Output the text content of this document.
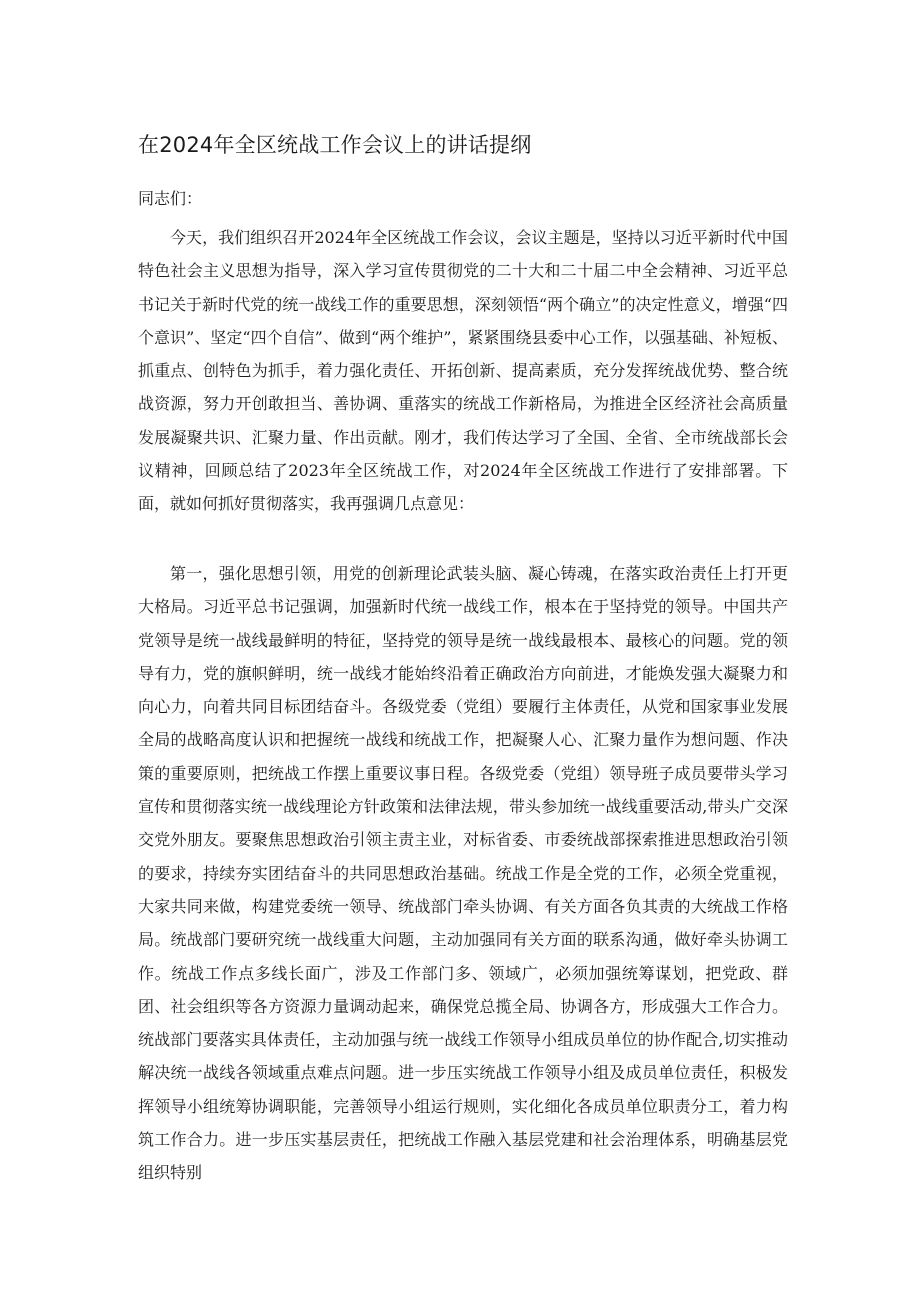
在2024年全区统战工作会议上的讲话提纲
同志们：

今天，我们组织召开2024年全区统战工作会议，会议主题是，坚持以习近平新时代中国特色社会主义思想为指导，深入学习宣传贯彻党的二十大和二十届二中全会精神、习近平总书记关于新时代党的统一战线工作的重要思想，深刻领悟“两个确立”的决定性意义，增强“四个意识”、坚定“四个自信”、做到“两个维护”，紧紧围绕县委中心工作，以强基础、补短板、抓重点、创特色为抓手，着力强化责任、开拓创新、提高素质，充分发挥统战优势、整合统战资源，努力开创敢担当、善协调、重落实的统战工作新格局，为推进全区经济社会高质量发展凝聚共识、汇聚力量、作出贡献。刚才，我们传达学习了全国、全省、全市统战部长会议精神，回顾总结了2023年全区统战工作，对2024年全区统战工作进行了安排部署。下面，就如何抓好贯彻落实，我再强调几点意见：

第一，强化思想引领，用党的创新理论武装头脑、凝心铸魂，在落实政治责任上打开更大格局。习近平总书记强调，加强新时代统一战线工作，根本在于坚持党的领导。中国共产党领导是统一战线最鲜明的特征，坚持党的领导是统一战线最根本、最核心的问题。党的领导有力，党的旗帜鲜明，统一战线才能始终沿着正确政治方向前进，才能焕发强大凝聚力和向心力，向着共同目标团结奋斗。各级党委（党组）要履行主体责任，从党和国家事业发展全局的战略高度认识和把握统一战线和统战工作，把凝聚人心、汇聚力量作为想问题、作决策的重要原则，把统战工作摆上重要议事日程。各级党委（党组）领导班子成员要带头学习宣传和贯彻落实统一战线理论方针政策和法律法规，带头参加统一战线重要活动,带头广交深交党外朋友。要聚焦思想政治引领主责主业，对标省委、市委统战部探索推进思想政治引领的要求，持续夯实团结奋斗的共同思想政治基础。统战工作是全党的工作，必须全党重视，大家共同来做，构建党委统一领导、统战部门牵头协调、有关方面各负其责的大统战工作格局。统战部门要研究统一战线重大问题，主动加强同有关方面的联系沟通，做好牵头协调工作。统战工作点多线长面广，涉及工作部门多、领域广，必须加强统筹谋划，把党政、群团、社会组织等各方资源力量调动起来，确保党总揽全局、协调各方，形成强大工作合力。统战部门要落实具体责任，主动加强与统一战线工作领导小组成员单位的协作配合,切实推动解决统一战线各领域重点难点问题。进一步压实统战工作领导小组及成员单位责任，积极发挥领导小组统筹协调职能，完善领导小组运行规则，实化细化各成员单位职责分工，着力构筑工作合力。进一步压实基层责任，把统战工作融入基层党建和社会治理体系，明确基层党组织特别
